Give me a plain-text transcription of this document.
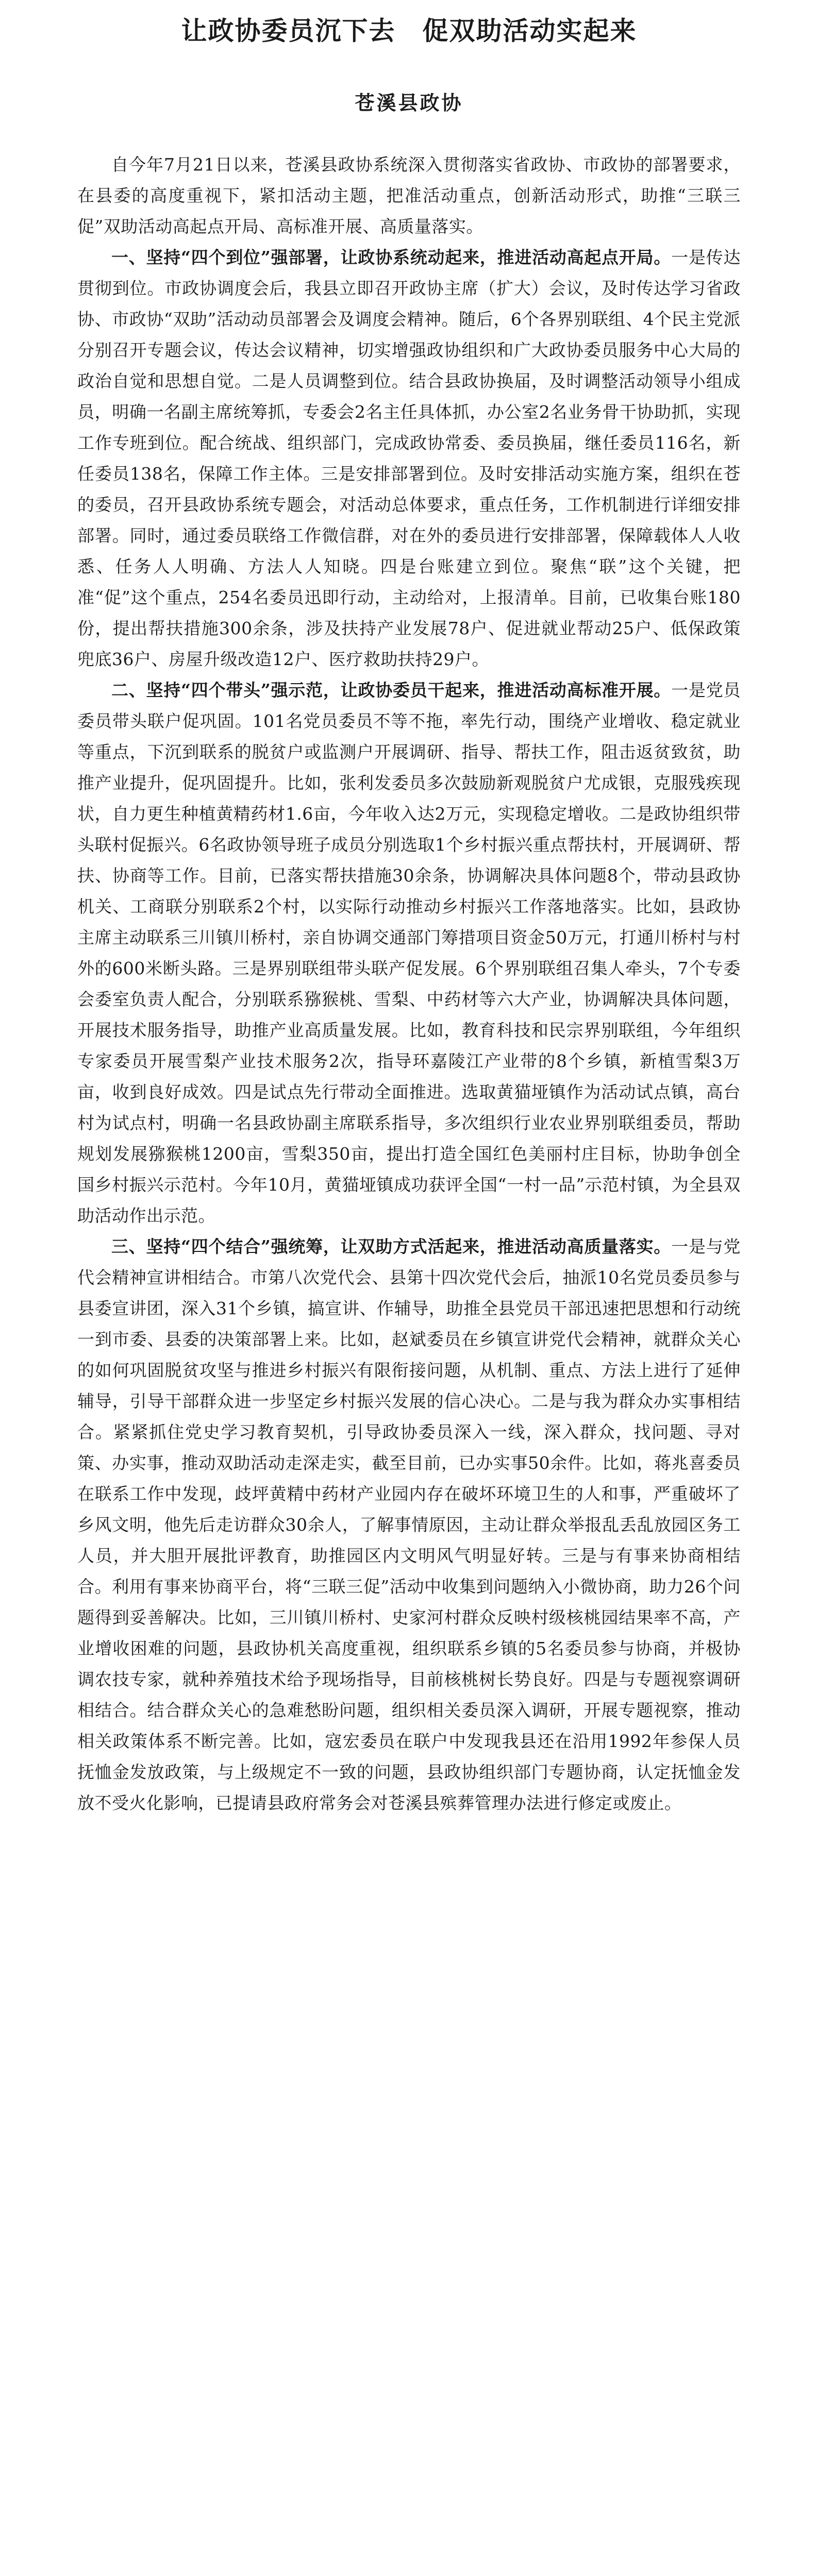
让政协委员沉下去　促双助活动实起来
苍溪县政协

自今年7月21日以来，苍溪县政协系统深入贯彻落实省政协、市政协的部署要求，在县委的高度重视下，紧扣活动主题，把准活动重点，创新活动形式，助推“三联三促”双助活动高起点开局、高标准开展、高质量落实。

一、坚持“四个到位”强部署，让政协系统动起来，推进活动高起点开局。一是传达贯彻到位。市政协调度会后，我县立即召开政协主席（扩大）会议，及时传达学习省政协、市政协“双助”活动动员部署会及调度会精神。随后，6个各界别联组、4个民主党派分别召开专题会议，传达会议精神，切实增强政协组织和广大政协委员服务中心大局的政治自觉和思想自觉。二是人员调整到位。结合县政协换届，及时调整活动领导小组成员，明确一名副主席统筹抓，专委会2名主任具体抓，办公室2名业务骨干协助抓，实现工作专班到位。配合统战、组织部门，完成政协常委、委员换届，继任委员116名，新任委员138名，保障工作主体。三是安排部署到位。及时安排活动实施方案，组织在苍的委员，召开县政协系统专题会，对活动总体要求，重点任务，工作机制进行详细安排部署。同时，通过委员联络工作微信群，对在外的委员进行安排部署，保障载体人人收悉、任务人人明确、方法人人知晓。四是台账建立到位。聚焦“联”这个关键，把准“促”这个重点，254名委员迅即行动，主动给对，上报清单。目前，已收集台账180份，提出帮扶措施300余条，涉及扶持产业发展78户、促进就业帮动25户、低保政策兜底36户、房屋升级改造12户、医疗救助扶持29户。

二、坚持“四个带头”强示范，让政协委员干起来，推进活动高标准开展。一是党员委员带头联户促巩固。101名党员委员不等不拖，率先行动，围绕产业增收、稳定就业等重点，下沉到联系的脱贫户或监测户开展调研、指导、帮扶工作，阻击返贫致贫，助推产业提升，促巩固提升。比如，张利发委员多次鼓励新观脱贫户尤成银，克服残疾现状，自力更生种植黄精药材1.6亩，今年收入达2万元，实现稳定增收。二是政协组织带头联村促振兴。6名政协领导班子成员分别选取1个乡村振兴重点帮扶村，开展调研、帮扶、协商等工作。目前，已落实帮扶措施30余条，协调解决具体问题8个，带动县政协机关、工商联分别联系2个村，以实际行动推动乡村振兴工作落地落实。比如，县政协主席主动联系三川镇川桥村，亲自协调交通部门筹措项目资金50万元，打通川桥村与村外的600米断头路。三是界别联组带头联产促发展。6个界别联组召集人牵头，7个专委会委室负责人配合，分别联系猕猴桃、雪梨、中药材等六大产业，协调解决具体问题，开展技术服务指导，助推产业高质量发展。比如，教育科技和民宗界别联组，今年组织专家委员开展雪梨产业技术服务2次，指导环嘉陵江产业带的8个乡镇，新植雪梨3万亩，收到良好成效。四是试点先行带动全面推进。选取黄猫垭镇作为活动试点镇，高台村为试点村，明确一名县政协副主席联系指导，多次组织行业农业界别联组委员，帮助规划发展猕猴桃1200亩，雪梨350亩，提出打造全国红色美丽村庄目标，协助争创全国乡村振兴示范村。今年10月，黄猫垭镇成功获评全国“一村一品”示范村镇，为全县双助活动作出示范。

三、坚持“四个结合”强统筹，让双助方式活起来，推进活动高质量落实。一是与党代会精神宣讲相结合。市第八次党代会、县第十四次党代会后，抽派10名党员委员参与县委宣讲团，深入31个乡镇，搞宣讲、作辅导，助推全县党员干部迅速把思想和行动统一到市委、县委的决策部署上来。比如，赵斌委员在乡镇宣讲党代会精神，就群众关心的如何巩固脱贫攻坚与推进乡村振兴有限衔接问题，从机制、重点、方法上进行了延伸辅导，引导干部群众进一步坚定乡村振兴发展的信心决心。二是与我为群众办实事相结合。紧紧抓住党史学习教育契机，引导政协委员深入一线，深入群众，找问题、寻对策、办实事，推动双助活动走深走实，截至目前，已办实事50余件。比如，蒋兆喜委员在联系工作中发现，歧坪黄精中药材产业园内存在破坏环境卫生的人和事，严重破坏了乡风文明，他先后走访群众30余人，了解事情原因，主动让群众举报乱丢乱放园区务工人员，并大胆开展批评教育，助推园区内文明风气明显好转。三是与有事来协商相结合。利用有事来协商平台，将“三联三促”活动中收集到问题纳入小微协商，助力26个问题得到妥善解决。比如，三川镇川桥村、史家河村群众反映村级核桃园结果率不高，产业增收困难的问题，县政协机关高度重视，组织联系乡镇的5名委员参与协商，并极协调农技专家，就种养殖技术给予现场指导，目前核桃树长势良好。四是与专题视察调研相结合。结合群众关心的急难愁盼问题，组织相关委员深入调研，开展专题视察，推动相关政策体系不断完善。比如，寇宏委员在联户中发现我县还在沿用1992年参保人员抚恤金发放政策，与上级规定不一致的问题，县政协组织部门专题协商，认定抚恤金发放不受火化影响，已提请县政府常务会对苍溪县殡葬管理办法进行修定或废止。
